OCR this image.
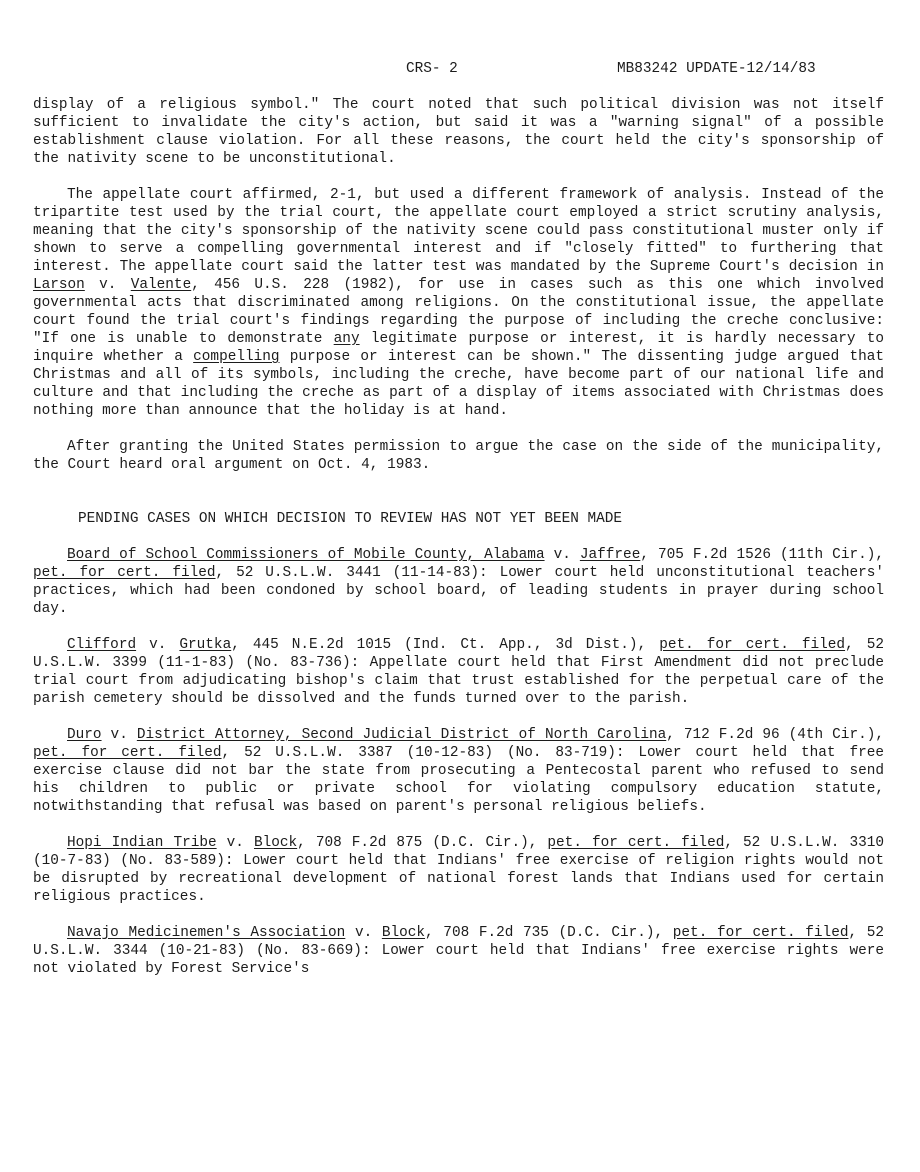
CRS- 2	MB83242 UPDATE-12/14/83

display of a religious symbol." The court noted that such political division was not itself sufficient to invalidate the city's action, but said it was a "warning signal" of a possible establishment clause violation. For all these reasons, the court held the city's sponsorship of the nativity scene to be unconstitutional.

The appellate court affirmed, 2-1, but used a different framework of analysis. Instead of the tripartite test used by the trial court, the appellate court employed a strict scrutiny analysis, meaning that the city's sponsorship of the nativity scene could pass constitutional muster only if shown to serve a compelling governmental interest and if "closely fitted" to furthering that interest. The appellate court said the latter test was mandated by the Supreme Court's decision in Larson v. Valente, 456 U.S. 228 (1982), for use in cases such as this one which involved governmental acts that discriminated among religions. On the constitutional issue, the appellate court found the trial court's findings regarding the purpose of including the creche conclusive: "If one is unable to demonstrate any legitimate purpose or interest, it is hardly necessary to inquire whether a compelling purpose or interest can be shown." The dissenting judge argued that Christmas and all of its symbols, including the creche, have become part of our national life and culture and that including the creche as part of a display of items associated with Christmas does nothing more than announce that the holiday is at hand.

After granting the United States permission to argue the case on the side of the municipality, the Court heard oral argument on Oct. 4, 1983.

PENDING CASES ON WHICH DECISION TO REVIEW HAS NOT YET BEEN MADE

Board of School Commissioners of Mobile County, Alabama v. Jaffree, 705 F.2d 1526 (11th Cir.), pet. for cert. filed, 52 U.S.L.W. 3441 (11-14-83): Lower court held unconstitutional teachers' practices, which had been condoned by school board, of leading students in prayer during school day.

Clifford v. Grutka, 445 N.E.2d 1015 (Ind. Ct. App., 3d Dist.), pet. for cert. filed, 52 U.S.L.W. 3399 (11-1-83) (No. 83-736): Appellate court held that First Amendment did not preclude trial court from adjudicating bishop's claim that trust established for the perpetual care of the parish cemetery should be dissolved and the funds turned over to the parish.

Duro v. District Attorney, Second Judicial District of North Carolina, 712 F.2d 96 (4th Cir.), pet. for cert. filed, 52 U.S.L.W. 3387 (10-12-83) (No. 83-719): Lower court held that free exercise clause did not bar the state from prosecuting a Pentecostal parent who refused to send his children to public or private school for violating compulsory education statute, notwithstanding that refusal was based on parent's personal religious beliefs.

Hopi Indian Tribe v. Block, 708 F.2d 875 (D.C. Cir.), pet. for cert. filed, 52 U.S.L.W. 3310 (10-7-83) (No. 83-589): Lower court held that Indians' free exercise of religion rights would not be disrupted by recreational development of national forest lands that Indians used for certain religious practices.

Navajo Medicinemen's Association v. Block, 708 F.2d 735 (D.C. Cir.), pet. for cert. filed, 52 U.S.L.W. 3344 (10-21-83) (No. 83-669): Lower court held that Indians' free exercise rights were not violated by Forest Service's
